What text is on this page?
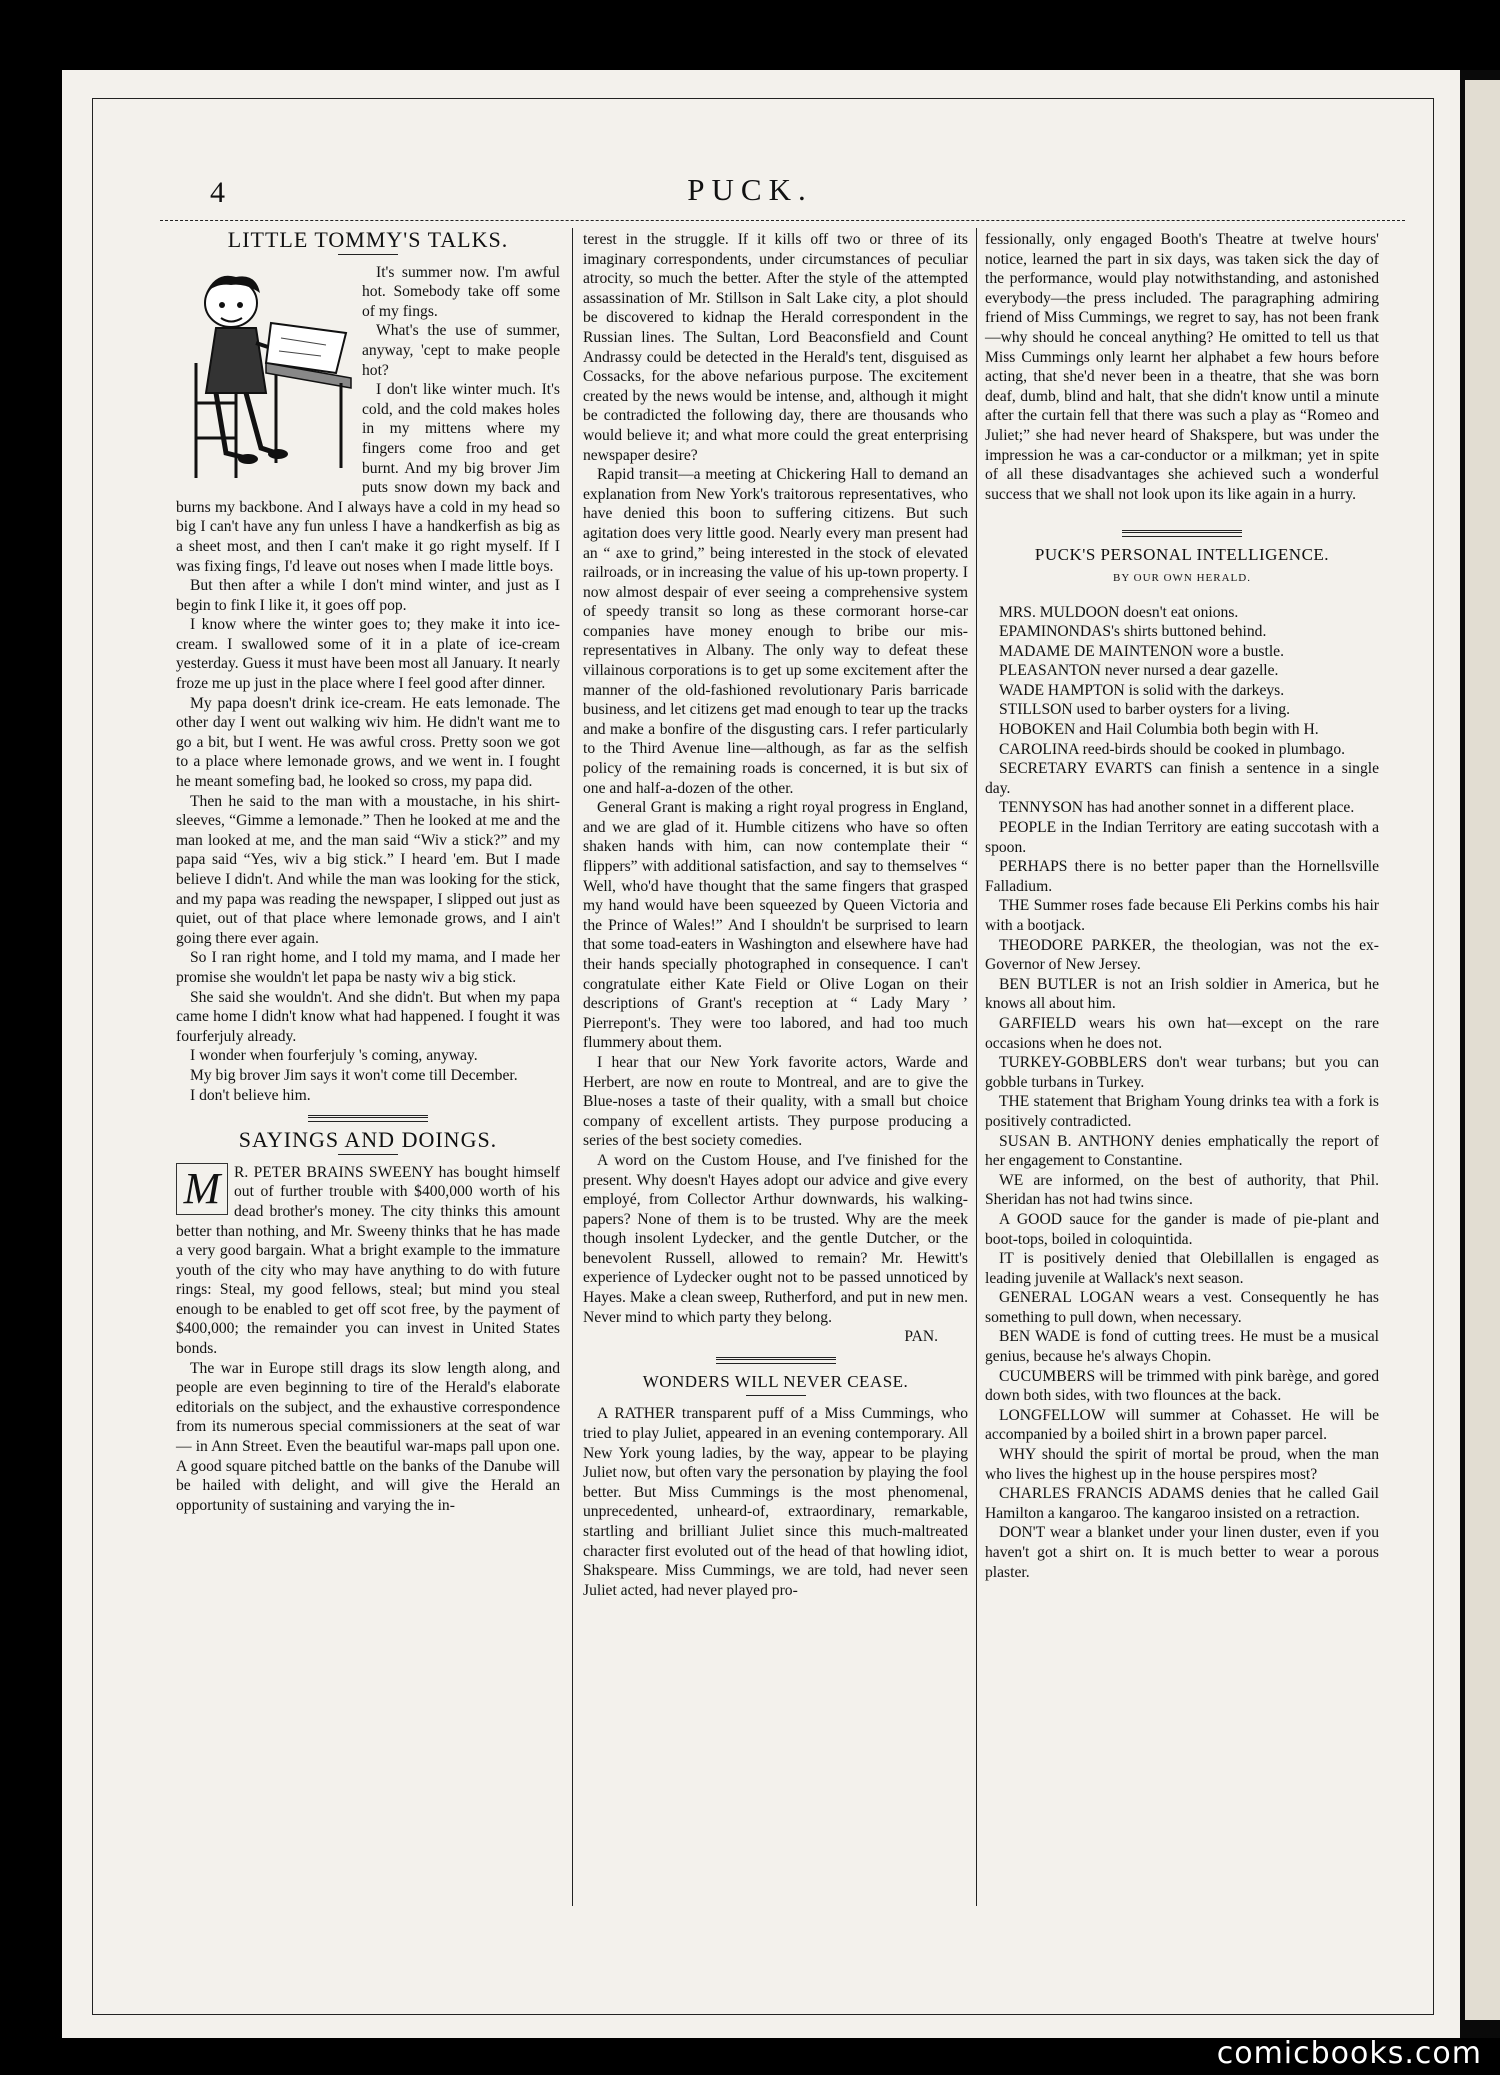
4	PUCK.
LITTLE TOMMY'S TALKS.

It's summer now. I'm awful hot. Somebody take off some of my fings.

What's the use of summer, anyway, 'cept to make people hot?

I don't like winter much. It's cold, and the cold makes holes in my mittens where my fingers come froo and get burnt. And my big brover Jim puts snow down my back and burns my backbone. And I always have a cold in my head so big I can't have any fun unless I have a handkerfish as big as a sheet most, and then I can't make it go right myself. If I was fixing fings, I'd leave out noses when I made little boys.

But then after a while I don't mind winter, and just as I begin to fink I like it, it goes off pop.

I know where the winter goes to; they make it into ice-cream. I swallowed some of it in a plate of ice-cream yesterday. Guess it must have been most all January. It nearly froze me up just in the place where I feel good after dinner.

My papa doesn't drink ice-cream. He eats lemonade. The other day I went out walking wiv him. He didn't want me to go a bit, but I went. He was awful cross. Pretty soon we got to a place where lemonade grows, and we went in. I fought he meant somefing bad, he looked so cross, my papa did.

Then he said to the man with a moustache, in his shirt-sleeves, “Gimme a lemonade.” Then he looked at me and the man looked at me, and the man said “Wiv a stick?” and my papa said “Yes, wiv a big stick.” I heard 'em. But I made believe I didn't. And while the man was looking for the stick, and my papa was reading the newspaper, I slipped out just as quiet, out of that place where lemonade grows, and I ain't going there ever again.

So I ran right home, and I told my mama, and I made her promise she wouldn't let papa be nasty wiv a big stick.

She said she wouldn't. And she didn't. But when my papa came home I didn't know what had happened. I fought it was fourferjuly already.

I wonder when fourferjuly 's coming, anyway.

My big brover Jim says it won't come till December.

I don't believe him.

SAYINGS AND DOINGS.
M R. PETER BRAINS SWEENY has bought himself out of further trouble with $400,000 worth of his dead brother's money. The city thinks this amount better than nothing, and Mr. Sweeny thinks that he has made a very good bargain. What a bright example to the immature youth of the city who may have anything to do with future rings: Steal, my good fellows, steal; but mind you steal enough to be enabled to get off scot free, by the payment of $400,000; the remainder you can invest in United States bonds.

The war in Europe still drags its slow length along, and people are even beginning to tire of the Herald's elaborate editorials on the subject, and the exhaustive correspondence from its numerous special commissioners at the seat of war— in Ann Street. Even the beautiful war-maps pall upon one. A good square pitched battle on the banks of the Danube will be hailed with delight, and will give the Herald an opportunity of sustaining and varying the in-

terest in the struggle. If it kills off two or three of its imaginary correspondents, under circumstances of peculiar atrocity, so much the better. After the style of the attempted assassination of Mr. Stillson in Salt Lake city, a plot should be discovered to kidnap the Herald correspondent in the Russian lines. The Sultan, Lord Beaconsfield and Count Andrassy could be detected in the Herald's tent, disguised as Cossacks, for the above nefarious purpose. The excitement created by the news would be intense, and, although it might be contradicted the following day, there are thousands who would believe it; and what more could the great enterprising newspaper desire?

Rapid transit—a meeting at Chickering Hall to demand an explanation from New York's traitorous representatives, who have denied this boon to suffering citizens. But such agitation does very little good. Nearly every man present had an “ axe to grind,” being interested in the stock of elevated railroads, or in increasing the value of his up-town property. I now almost despair of ever seeing a comprehensive system of speedy transit so long as these cormorant horse-car companies have money enough to bribe our mis-representatives in Albany. The only way to defeat these villainous corporations is to get up some excitement after the manner of the old-fashioned revolutionary Paris barricade business, and let citizens get mad enough to tear up the tracks and make a bonfire of the disgusting cars. I refer particularly to the Third Avenue line—although, as far as the selfish policy of the remaining roads is concerned, it is but six of one and half-a-dozen of the other.

General Grant is making a right royal progress in England, and we are glad of it. Humble citizens who have so often shaken hands with him, can now contemplate their “ flippers” with additional satisfaction, and say to themselves “ Well, who'd have thought that the same fingers that grasped my hand would have been squeezed by Queen Victoria and the Prince of Wales!” And I shouldn't be surprised to learn that some toad-eaters in Washington and elsewhere have had their hands specially photographed in consequence. I can't congratulate either Kate Field or Olive Logan on their descriptions of Grant's reception at “ Lady Mary ’ Pierrepont's. They were too labored, and had too much flummery about them.

I hear that our New York favorite actors, Warde and Herbert, are now en route to Montreal, and are to give the Blue-noses a taste of their quality, with a small but choice company of excellent artists. They purpose producing a series of the best society comedies.

A word on the Custom House, and I've finished for the present. Why doesn't Hayes adopt our advice and give every employé, from Collector Arthur downwards, his walking-papers? None of them is to be trusted. Why are the meek though insolent Lydecker, and the gentle Dutcher, or the benevolent Russell, allowed to remain? Mr. Hewitt's experience of Lydecker ought not to be passed unnoticed by Hayes. Make a clean sweep, Rutherford, and put in new men. Never mind to which party they belong.

PAN.
WONDERS WILL NEVER CEASE.

A RATHER transparent puff of a Miss Cummings, who tried to play Juliet, appeared in an evening contemporary. All New York young ladies, by the way, appear to be playing Juliet now, but often vary the personation by playing the fool better. But Miss Cummings is the most phenomenal, unprecedented, unheard-of, extraordinary, remarkable, startling and brilliant Juliet since this much-maltreated character first evoluted out of the head of that howling idiot, Shakspeare. Miss Cummings, we are told, had never seen Juliet acted, had never played pro-

fessionally, only engaged Booth's Theatre at twelve hours' notice, learned the part in six days, was taken sick the day of the performance, would play notwithstanding, and astonished everybody—the press included. The paragraphing admiring friend of Miss Cummings, we regret to say, has not been frank—why should he conceal anything? He omitted to tell us that Miss Cummings only learnt her alphabet a few hours before acting, that she'd never been in a theatre, that she was born deaf, dumb, blind and halt, that she didn't know until a minute after the curtain fell that there was such a play as “Romeo and Juliet;” she had never heard of Shakspere, but was under the impression he was a car-conductor or a milkman; yet in spite of all these disadvantages she achieved such a wonderful success that we shall not look upon its like again in a hurry.

PUCK'S PERSONAL INTELLIGENCE.
BY OUR OWN HERALD.

MRS. MULDOON doesn't eat onions.

EPAMINONDAS's shirts buttoned behind.

MADAME DE MAINTENON wore a bustle.

PLEASANTON never nursed a dear gazelle.

WADE HAMPTON is solid with the darkeys.

STILLSON used to barber oysters for a living.

HOBOKEN and Hail Columbia both begin with H.

CAROLINA reed-birds should be cooked in plumbago.

SECRETARY EVARTS can finish a sentence in a single day.

TENNYSON has had another sonnet in a different place.

PEOPLE in the Indian Territory are eating succotash with a spoon.

PERHAPS there is no better paper than the Hornellsville Falladium.

THE Summer roses fade because Eli Perkins combs his hair with a bootjack.

THEODORE PARKER, the theologian, was not the ex-Governor of New Jersey.

BEN BUTLER is not an Irish soldier in America, but he knows all about him.

GARFIELD wears his own hat—except on the rare occasions when he does not.

TURKEY-GOBBLERS don't wear turbans; but you can gobble turbans in Turkey.

THE statement that Brigham Young drinks tea with a fork is positively contradicted.

SUSAN B. ANTHONY denies emphatically the report of her engagement to Constantine.

WE are informed, on the best of authority, that Phil. Sheridan has not had twins since.

A GOOD sauce for the gander is made of pie-plant and boot-tops, boiled in coloquintida.

IT is positively denied that Olebillallen is engaged as leading juvenile at Wallack's next season.

GENERAL LOGAN wears a vest. Consequently he has something to pull down, when necessary.

BEN WADE is fond of cutting trees. He must be a musical genius, because he's always Chopin.

CUCUMBERS will be trimmed with pink barège, and gored down both sides, with two flounces at the back.

LONGFELLOW will summer at Cohasset. He will be accompanied by a boiled shirt in a brown paper parcel.

WHY should the spirit of mortal be proud, when the man who lives the highest up in the house perspires most?

CHARLES FRANCIS ADAMS denies that he called Gail Hamilton a kangaroo. The kangaroo insisted on a retraction.

DON'T wear a blanket under your linen duster, even if you haven't got a shirt on. It is much better to wear a porous plaster.

comicbooks.com
